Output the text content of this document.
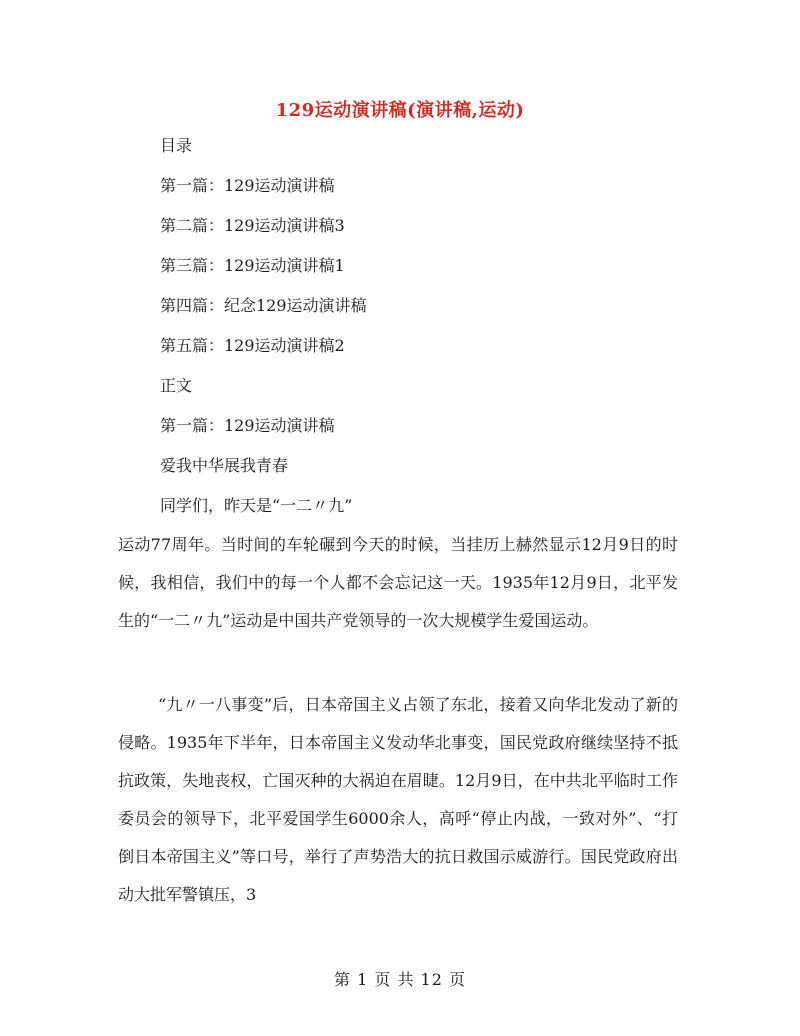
129运动演讲稿(演讲稿,运动)
目录
第一篇：129运动演讲稿
第二篇：129运动演讲稿3
第三篇：129运动演讲稿1
第四篇：纪念129运动演讲稿
第五篇：129运动演讲稿2
正文
第一篇：129运动演讲稿
爱我中华展我青春
同学们，昨天是“一二〃九”
运动77周年。当时间的车轮碾到今天的时候，当挂历上赫然显示12月9日的时候，我相信，我们中的每一个人都不会忘记这一天。1935年12月9日，北平发生的“一二〃九”运动是中国共产党领导的一次大规模学生爱国运动。
“九〃一八事变”后，日本帝国主义占领了东北，接着又向华北发动了新的侵略。1935年下半年，日本帝国主义发动华北事变，国民党政府继续坚持不抵抗政策，失地丧权，亡国灭种的大祸迫在眉睫。12月9日，在中共北平临时工作委员会的领导下，北平爱国学生6000余人，高呼“停止内战，一致对外”、“打倒日本帝国主义”等口号，举行了声势浩大的抗日救国示威游行。国民党政府出动大批军警镇压，3
第 1 页 共 12 页
